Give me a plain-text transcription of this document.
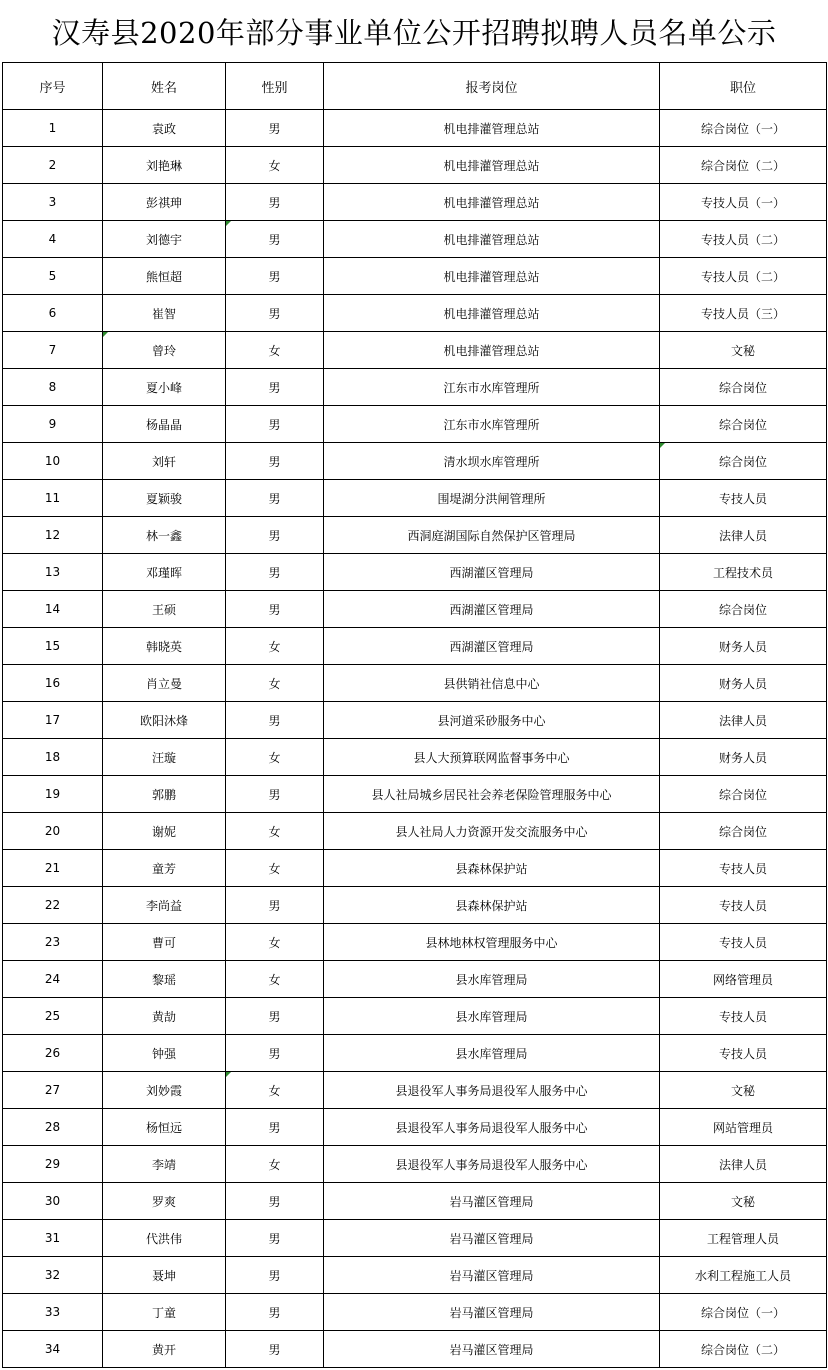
汉寿县2020年部分事业单位公开招聘拟聘人员名单公示
序号	姓名	性别	报考岗位	职位
1	袁政	男	机电排灌管理总站	综合岗位（一）
2	刘艳琳	女	机电排灌管理总站	综合岗位（二）
3	彭祺珅	男	机电排灌管理总站	专技人员（一）
4	刘德宇	男	机电排灌管理总站	专技人员（二）
5	熊恒超	男	机电排灌管理总站	专技人员（二）
6	崔智	男	机电排灌管理总站	专技人员（三）
7	曾玲	女	机电排灌管理总站	文秘
8	夏小峰	男	江东市水库管理所	综合岗位
9	杨晶晶	男	江东市水库管理所	综合岗位
10	刘轩	男	清水坝水库管理所	综合岗位

11	夏颖骏	男	围堤湖分洪闸管理所	专技人员
12	林一鑫	男	西洞庭湖国际自然保护区管理局	法律人员
13	邓瑾晖	男	西湖灌区管理局	工程技术员
14	王硕	男	西湖灌区管理局	综合岗位
15	韩晓英	女	西湖灌区管理局	财务人员
16	肖立曼	女	县供销社信息中心	财务人员
17	欧阳沐烽	男	县河道采砂服务中心	法律人员
18	汪璇	女	县人大预算联网监督事务中心	财务人员
19	郭鹏	男	县人社局城乡居民社会养老保险管理服务中心	综合岗位
20	谢妮	女	县人社局人力资源开发交流服务中心	综合岗位
21	童芳	女	县森林保护站	专技人员
22	李尚益	男	县森林保护站	专技人员
23	曹可	女	县林地林权管理服务中心	专技人员
24	黎瑶	女	县水库管理局	网络管理员
25	黄劼	男	县水库管理局	专技人员
26	钟强	男	县水库管理局	专技人员
27	刘妙霞	女	县退役军人事务局退役军人服务中心	文秘
28	杨恒远	男	县退役军人事务局退役军人服务中心	网站管理员
29	李靖	女	县退役军人事务局退役军人服务中心	法律人员
30	罗爽	男	岩马灌区管理局	文秘
31	代洪伟	男	岩马灌区管理局	工程管理人员
32	聂坤	男	岩马灌区管理局	水利工程施工人员
33	丁童	男	岩马灌区管理局	综合岗位（一）
34	黄开	男	岩马灌区管理局	综合岗位（二）
